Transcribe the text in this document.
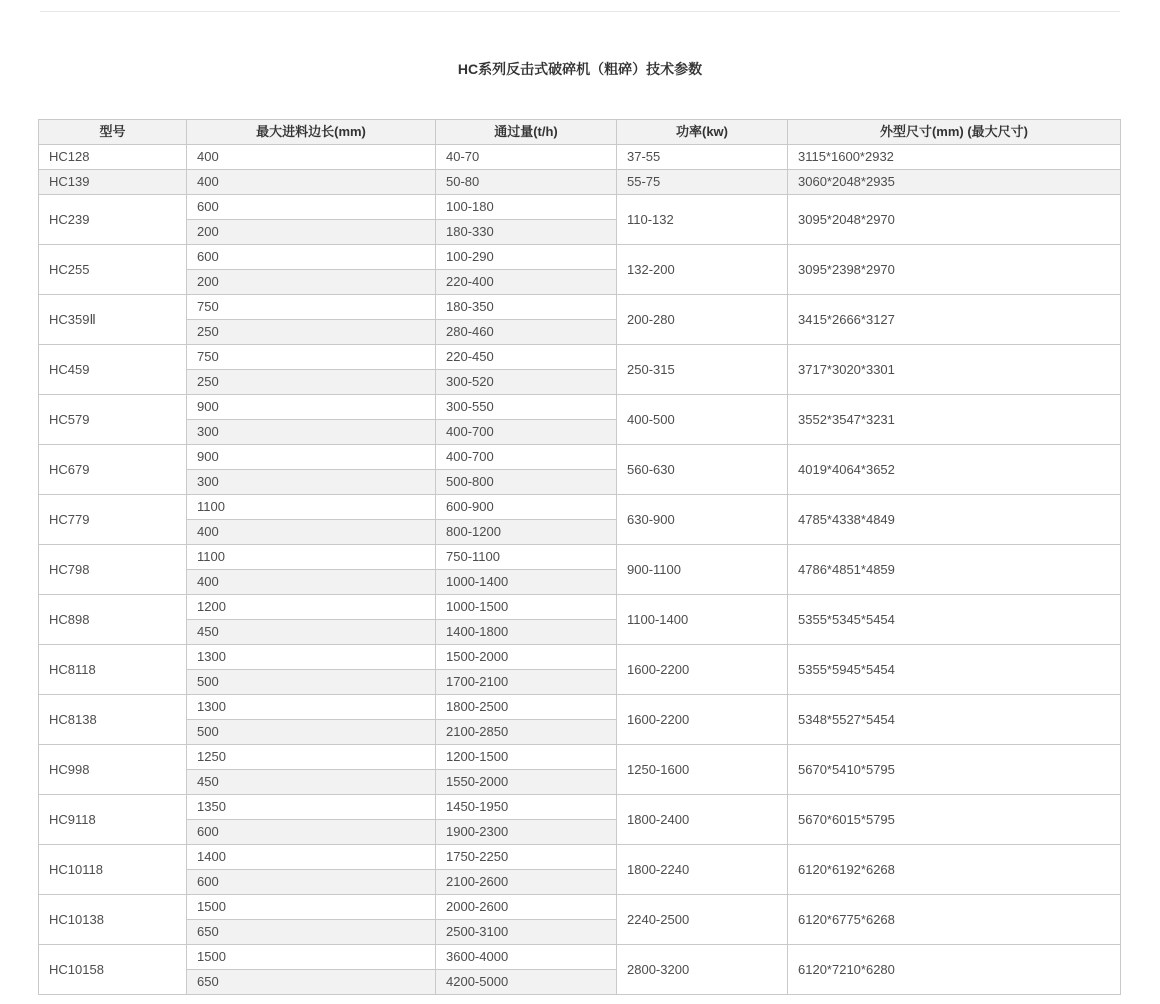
HC系列反击式破碎机（粗碎）技术参数
型号	最大进料边长(mm)	通过量(t/h)	功率(kw)	外型尺寸(mm) (最大尺寸)
HC128	400	40-70	37-55	3115*1600*2932
HC139	400	50-80	55-75	3060*2048*2935
HC239	600	100-180	110-132	3095*2048*2970
	200	180-330		
HC255	600	100-290	132-200	3095*2398*2970
	200	220-400		
HC359Ⅱ	750	180-350	200-280	3415*2666*3127
	250	280-460		
HC459	750	220-450	250-315	3717*3020*3301
	250	300-520		
HC579	900	300-550	400-500	3552*3547*3231
	300	400-700		
HC679	900	400-700	560-630	4019*4064*3652
	300	500-800		
HC779	1100	600-900	630-900	4785*4338*4849
	400	800-1200		
HC798	1100	750-1100	900-1100	4786*4851*4859
	400	1000-1400		
HC898	1200	1000-1500	1100-1400	5355*5345*5454
	450	1400-1800		
HC8118	1300	1500-2000	1600-2200	5355*5945*5454
	500	1700-2100		
HC8138	1300	1800-2500	1600-2200	5348*5527*5454
	500	2100-2850		
HC998	1250	1200-1500	1250-1600	5670*5410*5795
	450	1550-2000		
HC9118	1350	1450-1950	1800-2400	5670*6015*5795
	600	1900-2300		
HC10118	1400	1750-2250	1800-2240	6120*6192*6268
	600	2100-2600		
HC10138	1500	2000-2600	2240-2500	6120*6775*6268
	650	2500-3100		
HC10158	1500	3600-4000	2800-3200	6120*7210*6280
	650	4200-5000		
